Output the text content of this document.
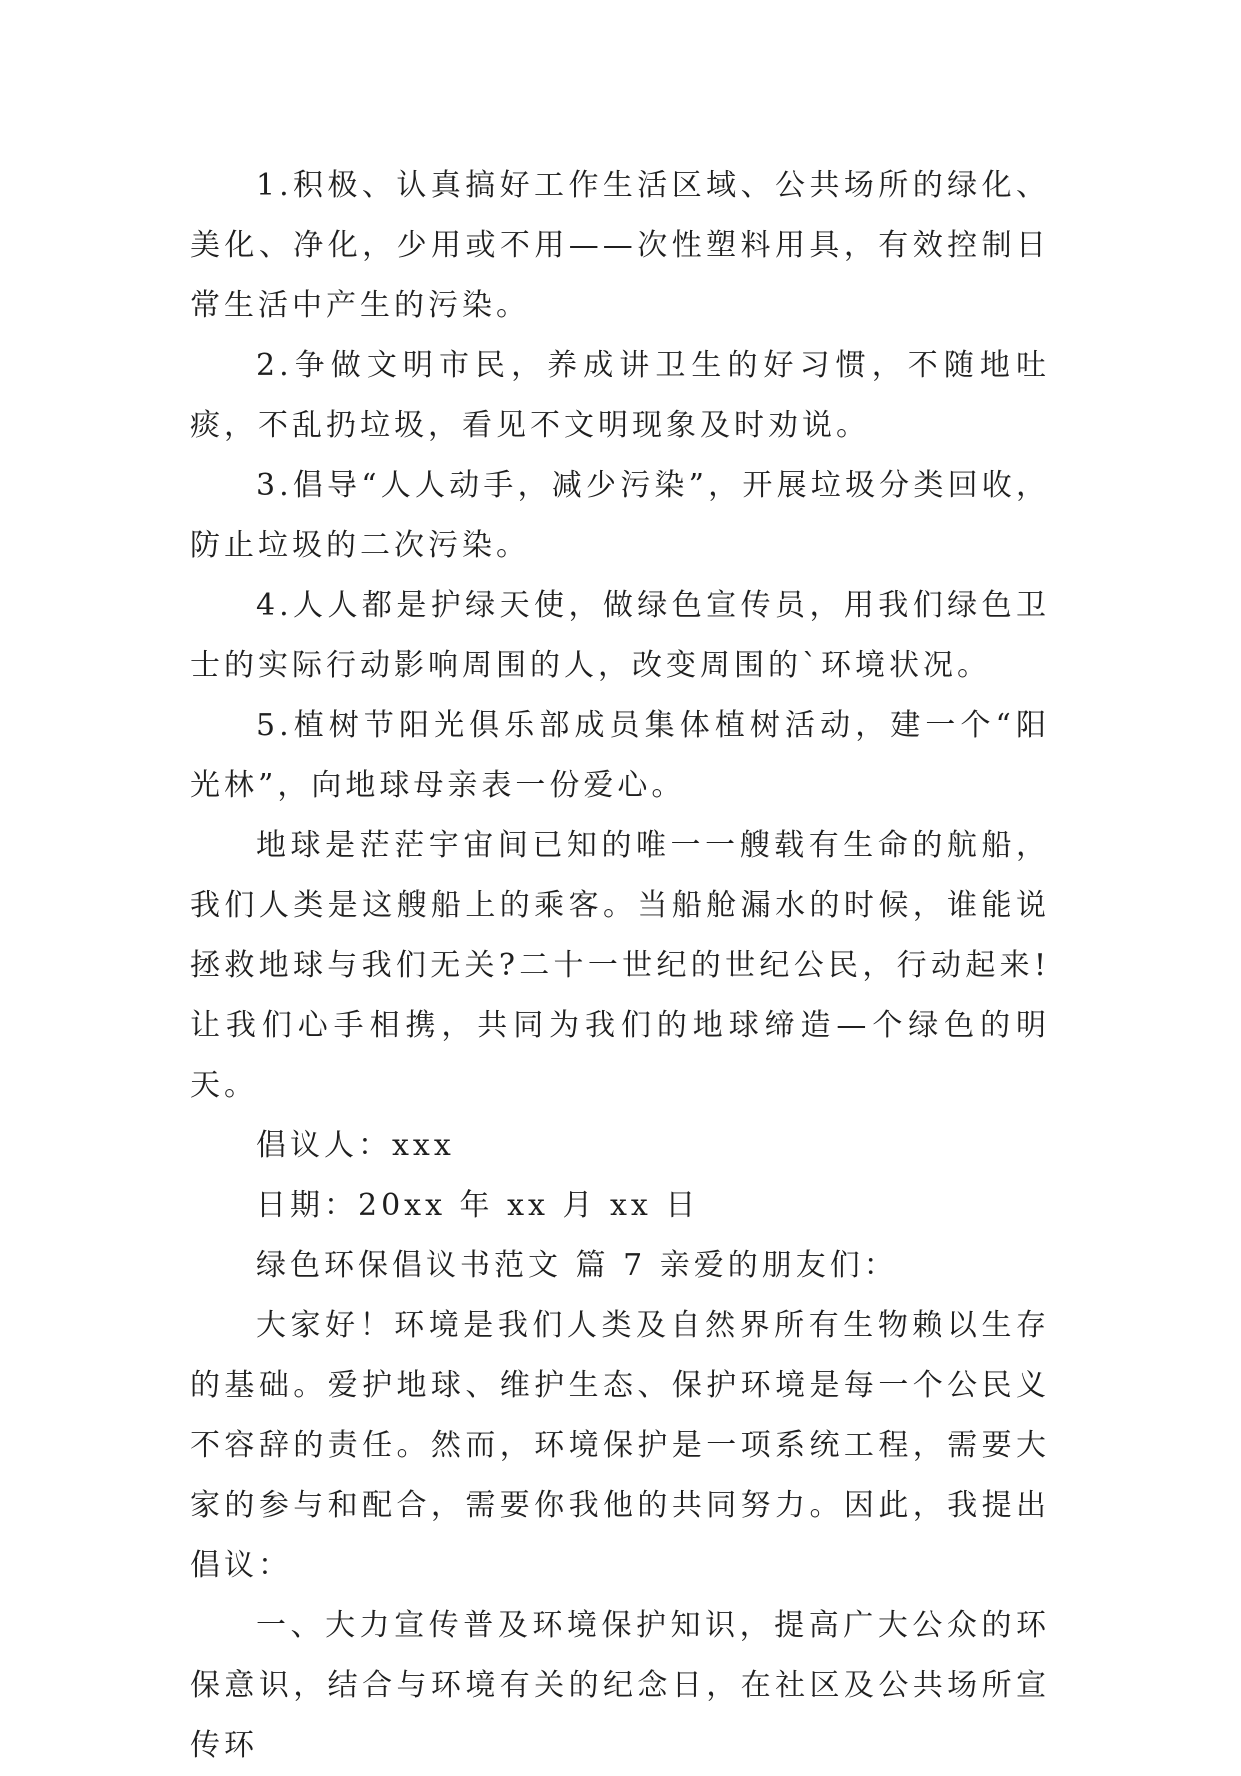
1.积极、认真搞好工作生活区域、公共场所的绿化、美化、净化，少用或不用——次性塑料用具，有效控制日常生活中产生的污染。

2.争做文明市民，养成讲卫生的好习惯，不随地吐痰，不乱扔垃圾，看见不文明现象及时劝说。

3.倡导“人人动手，减少污染”，开展垃圾分类回收，防止垃圾的二次污染。

4.人人都是护绿天使，做绿色宣传员，用我们绿色卫士的实际行动影响周围的人，改变周围的`环境状况。

5.植树节阳光俱乐部成员集体植树活动，建一个“阳光林”，向地球母亲表一份爱心。

地球是茫茫宇宙间已知的唯一一艘载有生命的航船，我们人类是这艘船上的乘客。当船舱漏水的时候，谁能说拯救地球与我们无关?二十一世纪的世纪公民，行动起来!让我们心手相携，共同为我们的地球缔造—个绿色的明天。

倡议人：xxx

日期：20xx 年 xx 月 xx 日

绿色环保倡议书范文 篇 7 亲爱的朋友们：

大家好！环境是我们人类及自然界所有生物赖以生存的基础。爱护地球、维护生态、保护环境是每一个公民义不容辞的责任。然而，环境保护是一项系统工程，需要大家的参与和配合，需要你我他的共同努力。因此，我提出倡议：

一、大力宣传普及环境保护知识，提高广大公众的环保意识，结合与环境有关的纪念日，在社区及公共场所宣传环
